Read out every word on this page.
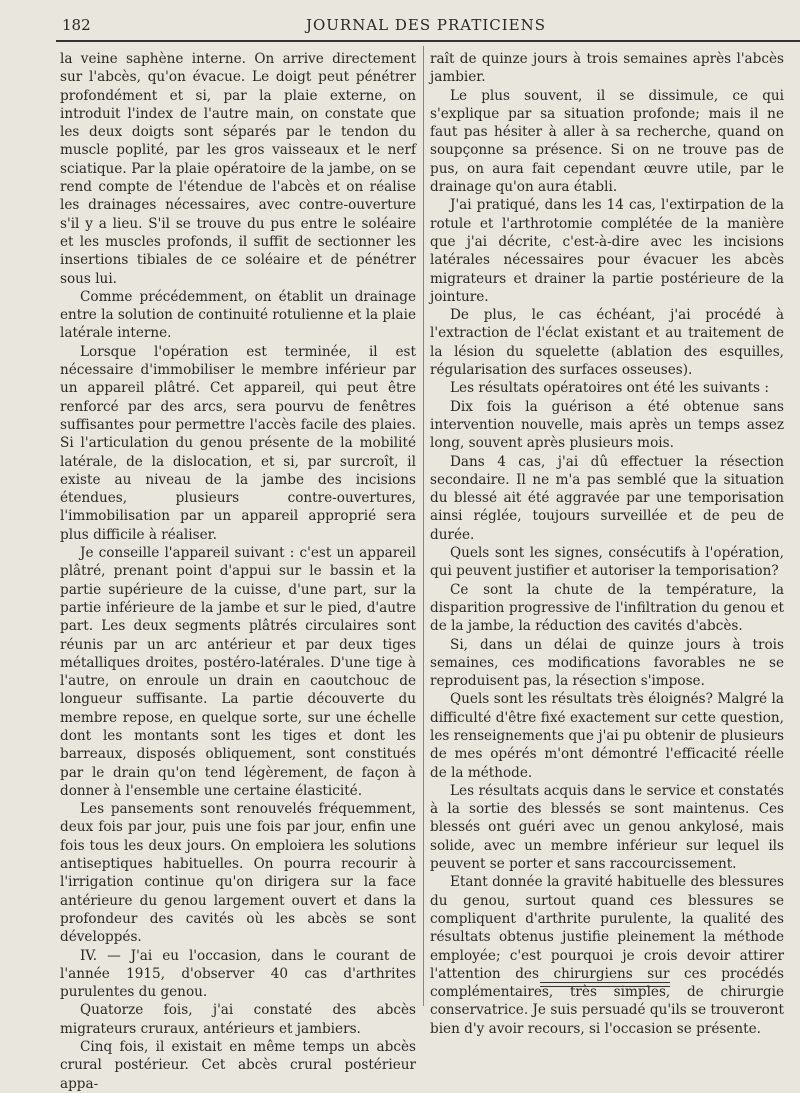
182	JOURNAL DES PRATICIENS

la veine saphène interne. On arrive directement sur l'abcès, qu'on évacue. Le doigt peut pénétrer profondément et si, par la plaie externe, on introduit l'index de l'autre main, on constate que les deux doigts sont séparés par le tendon du muscle poplité, par les gros vaisseaux et le nerf sciatique. Par la plaie opératoire de la jambe, on se rend compte de l'étendue de l'abcès et on réalise les drainages nécessaires, avec contre-ouverture s'il y a lieu. S'il se trouve du pus entre le soléaire et les muscles profonds, il suffit de sectionner les insertions tibiales de ce soléaire et de pénétrer sous lui.

Comme précédemment, on établit un drainage entre la solution de continuité rotulienne et la plaie latérale interne.

Lorsque l'opération est terminée, il est nécessaire d'immobiliser le membre inférieur par un appareil plâtré. Cet appareil, qui peut être renforcé par des arcs, sera pourvu de fenêtres suffisantes pour permettre l'accès facile des plaies. Si l'articulation du genou présente de la mobilité latérale, de la dislocation, et si, par surcroît, il existe au niveau de la jambe des incisions étendues, plusieurs contre-ouvertures, l'immobilisation par un appareil approprié sera plus difficile à réaliser.

Je conseille l'appareil suivant : c'est un appareil plâtré, prenant point d'appui sur le bassin et la partie supérieure de la cuisse, d'une part, sur la partie inférieure de la jambe et sur le pied, d'autre part. Les deux segments plâtrés circulaires sont réunis par un arc antérieur et par deux tiges métalliques droites, postéro-latérales. D'une tige à l'autre, on enroule un drain en caoutchouc de longueur suffisante. La partie découverte du membre repose, en quelque sorte, sur une échelle dont les montants sont les tiges et dont les barreaux, disposés obliquement, sont constitués par le drain qu'on tend légèrement, de façon à donner à l'ensemble une certaine élasticité.

Les pansements sont renouvelés fréquemment, deux fois par jour, puis une fois par jour, enfin une fois tous les deux jours. On emploiera les solutions antiseptiques habituelles. On pourra recourir à l'irrigation continue qu'on dirigera sur la face antérieure du genou largement ouvert et dans la profondeur des cavités où les abcès se sont développés.

IV. — J'ai eu l'occasion, dans le courant de l'année 1915, d'observer 40 cas d'arthrites purulentes du genou.

Quatorze fois, j'ai constaté des abcès migrateurs cruraux, antérieurs et jambiers.

Cinq fois, il existait en même temps un abcès crural postérieur. Cet abcès crural postérieur appa-

raît de quinze jours à trois semaines après l'abcès jambier.

Le plus souvent, il se dissimule, ce qui s'explique par sa situation profonde; mais il ne faut pas hésiter à aller à sa recherche, quand on soupçonne sa présence. Si on ne trouve pas de pus, on aura fait cependant œuvre utile, par le drainage qu'on aura établi.

J'ai pratiqué, dans les 14 cas, l'extirpation de la rotule et l'arthrotomie complétée de la manière que j'ai décrite, c'est-à-dire avec les incisions latérales nécessaires pour évacuer les abcès migrateurs et drainer la partie postérieure de la jointure.

De plus, le cas échéant, j'ai procédé à l'extraction de l'éclat existant et au traitement de la lésion du squelette (ablation des esquilles, régularisation des surfaces osseuses).

Les résultats opératoires ont été les suivants :

Dix fois la guérison a été obtenue sans intervention nouvelle, mais après un temps assez long, souvent après plusieurs mois.

Dans 4 cas, j'ai dû effectuer la résection secondaire. Il ne m'a pas semblé que la situation du blessé ait été aggravée par une temporisation ainsi réglée, toujours surveillée et de peu de durée.

Quels sont les signes, consécutifs à l'opération, qui peuvent justifier et autoriser la temporisation?

Ce sont la chute de la température, la disparition progressive de l'infiltration du genou et de la jambe, la réduction des cavités d'abcès.

Si, dans un délai de quinze jours à trois semaines, ces modifications favorables ne se reproduisent pas, la résection s'impose.

Quels sont les résultats très éloignés? Malgré la difficulté d'être fixé exactement sur cette question, les renseignements que j'ai pu obtenir de plusieurs de mes opérés m'ont démontré l'efficacité réelle de la méthode.

Les résultats acquis dans le service et constatés à la sortie des blessés se sont maintenus. Ces blessés ont guéri avec un genou ankylosé, mais solide, avec un membre inférieur sur lequel ils peuvent se porter et sans raccourcissement.

Etant donnée la gravité habituelle des blessures du genou, surtout quand ces blessures se compliquent d'arthrite purulente, la qualité des résultats obtenus justifie pleinement la méthode employée; c'est pourquoi je crois devoir attirer l'attention des chirurgiens sur ces procédés complémentaires, très simples, de chirurgie conservatrice. Je suis persuadé qu'ils se trouveront bien d'y avoir recours, si l'occasion se présente.
